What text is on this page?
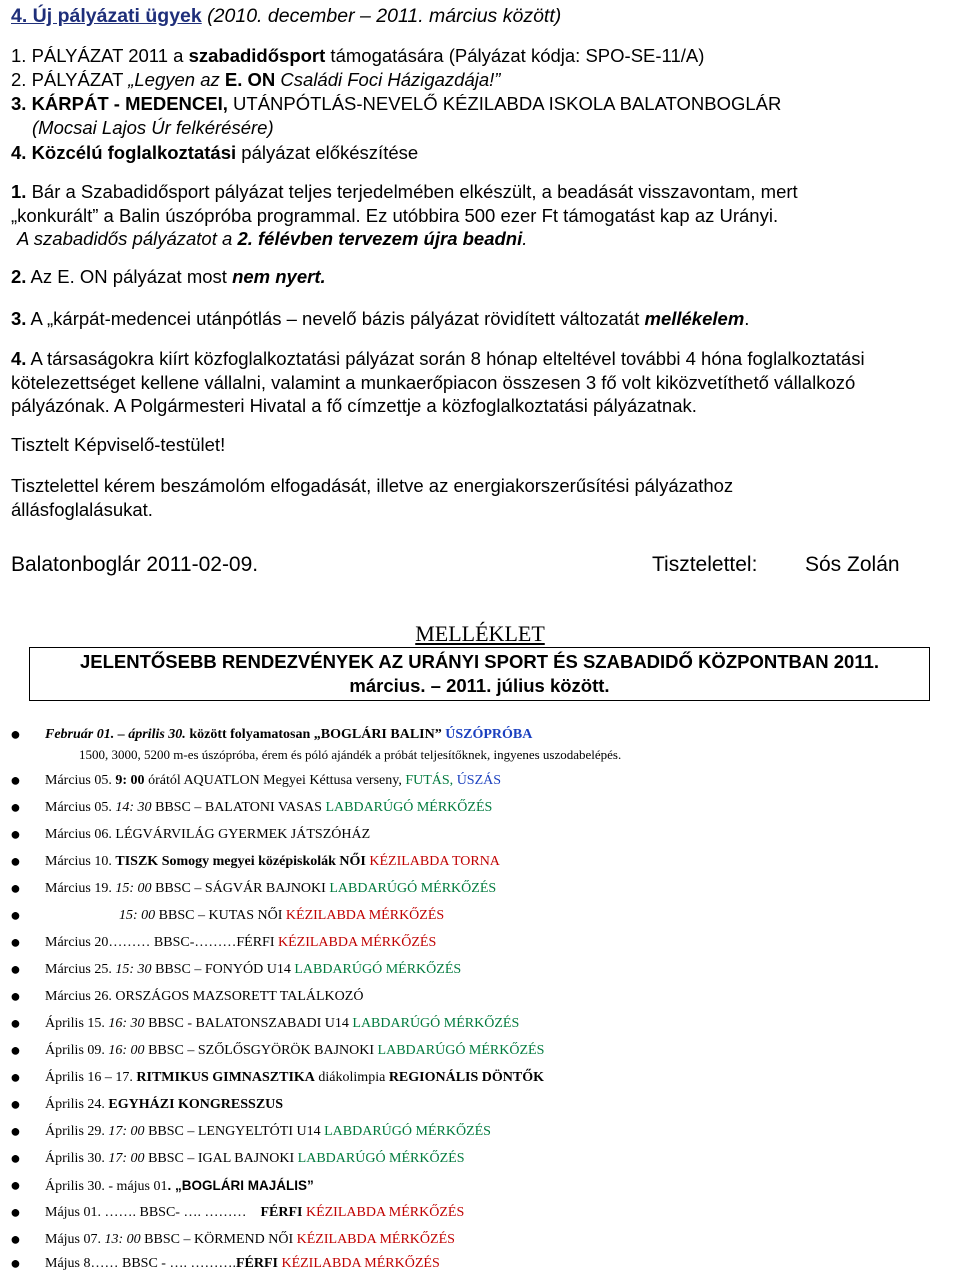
4. Új pályázati ügyek (2010. december – 2011. március között)
1. PÁLYÁZAT 2011 a szabadidősport támogatására (Pályázat kódja: SPO-SE-11/A)
2. PÁLYÁZAT „Legyen az E. ON Családi Foci Házigazdája!”
3. KÁRPÁT - MEDENCEI, UTÁNPÓTLÁS-NEVELŐ KÉZILABDA ISKOLA BALATONBOGLÁR
(Mocsai Lajos Úr felkérésére)
4. Közcélú foglalkoztatási pályázat előkészítése
1. Bár a Szabadidősport pályázat teljes terjedelmében elkészült, a beadását visszavontam, mert
„konkurált” a Balin úszópróba programmal. Ez utóbbira 500 ezer Ft támogatást kap az Urányi.
A szabadidős pályázatot a 2. félévben tervezem újra beadni.
2. Az E. ON pályázat most nem nyert.
3. A „kárpát-medencei utánpótlás – nevelő bázis pályázat rövidített változatát mellékelem.
4. A társaságokra kiírt közfoglalkoztatási pályázat során 8 hónap elteltével további 4 hóna foglalkoztatási
kötelezettséget kellene vállalni, valamint a munkaerőpiacon összesen 3 fő volt kiközvetíthető vállalkozó
pályázónak. A Polgármesteri Hivatal a fő címzettje a közfoglalkoztatási pályázatnak.
Tisztelt Képviselő-testület!
Tisztelettel kérem beszámolóm elfogadását, illetve az energiakorszerűsítési pályázathoz
állásfoglalásukat.
Balatonboglár 2011-02-09.	Tisztelettel: Sós Zolán
MELLÉKLET
JELENTŐSEBB RENDEZVÉNYEK AZ URÁNYI SPORT ÉS SZABADIDŐ KÖZPONTBAN 2011.
március. – 2011. július között.
● Február 01. – április 30. között folyamatosan „BOGLÁRI BALIN” ÚSZÓPRÓBA
1500, 3000, 5200 m-es úszópróba, érem és póló ajándék a próbát teljesítőknek, ingyenes uszodabelépés.
● Március 05. 9: 00 órától AQUATLON Megyei Kéttusa verseny, FUTÁS, ÚSZÁS
● Március 05. 14: 30 BBSC – BALATONI VASAS LABDARÚGÓ MÉRKŐZÉS
● Március 06. LÉGVÁRVILÁG GYERMEK JÁTSZÓHÁZ
● Március 10. TISZK Somogy megyei középiskolák NŐI KÉZILABDA TORNA
● Március 19. 15: 00 BBSC – SÁGVÁR BAJNOKI LABDARÚGÓ MÉRKŐZÉS
●	15: 00 BBSC – KUTAS NŐI KÉZILABDA MÉRKŐZÉS
● Március 20……… BBSC-………FÉRFI KÉZILABDA MÉRKŐZÉS
● Március 25. 15: 30 BBSC – FONYÓD U14 LABDARÚGÓ MÉRKŐZÉS
● Március 26. ORSZÁGOS MAZSORETT TALÁLKOZÓ
● Április 15. 16: 30 BBSC - BALATONSZABADI U14 LABDARÚGÓ MÉRKŐZÉS
● Április 09. 16: 00 BBSC – SZŐLŐSGYÖRÖK BAJNOKI LABDARÚGÓ MÉRKŐZÉS
● Április 16 – 17. RITMIKUS GIMNASZTIKA diákolimpia REGIONÁLIS DÖNTŐK
● Április 24. EGYHÁZI KONGRESSZUS
● Április 29. 17: 00 BBSC – LENGYELTÓTI U14 LABDARÚGÓ MÉRKŐZÉS
● Április 30. 17: 00 BBSC – IGAL BAJNOKI LABDARÚGÓ MÉRKŐZÉS
● Április 30. - május 01. „BOGLÁRI MAJÁLIS”
● Május 01. ……. BBSC- …. ……… FÉRFI KÉZILABDA MÉRKŐZÉS
● Május 07. 13: 00 BBSC – KÖRMEND NŐI KÉZILABDA MÉRKŐZÉS
● Május 8…… BBSC - …. ……….FÉRFI KÉZILABDA MÉRKŐZÉS
